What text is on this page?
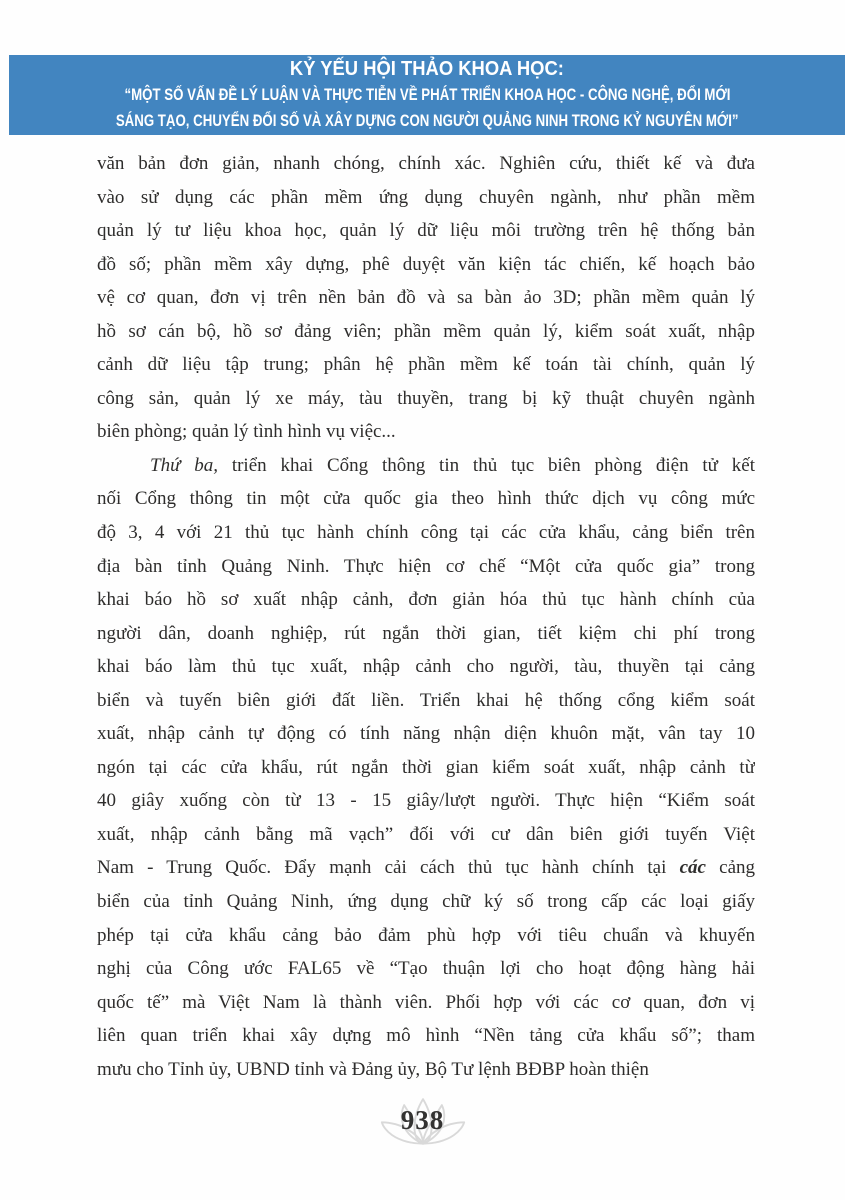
KỶ YẾU HỘI THẢO KHOA HỌC:
“MỘT SỐ VẤN ĐỀ LÝ LUẬN VÀ THỰC TIỄN VỀ PHÁT TRIỂN KHOA HỌC - CÔNG NGHỆ, ĐỔI MỚI
SÁNG TẠO, CHUYỂN ĐỔI SỐ VÀ XÂY DỰNG CON NGƯỜI QUẢNG NINH TRONG KỶ NGUYÊN MỚI”
văn bản đơn giản, nhanh chóng, chính xác. Nghiên cứu, thiết kế và đưa
vào sử dụng các phần mềm ứng dụng chuyên ngành, như phần mềm
quản lý tư liệu khoa học, quản lý dữ liệu môi trường trên hệ thống bản
đồ số; phần mềm xây dựng, phê duyệt văn kiện tác chiến, kế hoạch bảo
vệ cơ quan, đơn vị trên nền bản đồ và sa bàn ảo 3D; phần mềm quản lý
hồ sơ cán bộ, hồ sơ đảng viên; phần mềm quản lý, kiểm soát xuất, nhập
cảnh dữ liệu tập trung; phân hệ phần mềm kế toán tài chính, quản lý
công sản, quản lý xe máy, tàu thuyền, trang bị kỹ thuật chuyên ngành
biên phòng; quản lý tình hình vụ việc...
Thứ ba, triển khai Cổng thông tin thủ tục biên phòng điện tử kết
nối Cổng thông tin một cửa quốc gia theo hình thức dịch vụ công mức
độ 3, 4 với 21 thủ tục hành chính công tại các cửa khẩu, cảng biển trên
địa bàn tỉnh Quảng Ninh. Thực hiện cơ chế “Một cửa quốc gia” trong
khai báo hồ sơ xuất nhập cảnh, đơn giản hóa thủ tục hành chính của
người dân, doanh nghiệp, rút ngắn thời gian, tiết kiệm chi phí trong
khai báo làm thủ tục xuất, nhập cảnh cho người, tàu, thuyền tại cảng
biển và tuyến biên giới đất liền. Triển khai hệ thống cổng kiểm soát
xuất, nhập cảnh tự động có tính năng nhận diện khuôn mặt, vân tay 10
ngón tại các cửa khẩu, rút ngắn thời gian kiểm soát xuất, nhập cảnh từ
40 giây xuống còn từ 13 - 15 giây/lượt người. Thực hiện “Kiểm soát
xuất, nhập cảnh bằng mã vạch” đối với cư dân biên giới tuyến Việt
Nam - Trung Quốc. Đẩy mạnh cải cách thủ tục hành chính tại các cảng
biển của tỉnh Quảng Ninh, ứng dụng chữ ký số trong cấp các loại giấy
phép tại cửa khẩu cảng bảo đảm phù hợp với tiêu chuẩn và khuyến
nghị của Công ước FAL65 về “Tạo thuận lợi cho hoạt động hàng hải
quốc tế” mà Việt Nam là thành viên. Phối hợp với các cơ quan, đơn vị
liên quan triển khai xây dựng mô hình “Nền tảng cửa khẩu số”; tham
mưu cho Tỉnh ủy, UBND tỉnh và Đảng ủy, Bộ Tư lệnh BĐBP hoàn thiện
938
